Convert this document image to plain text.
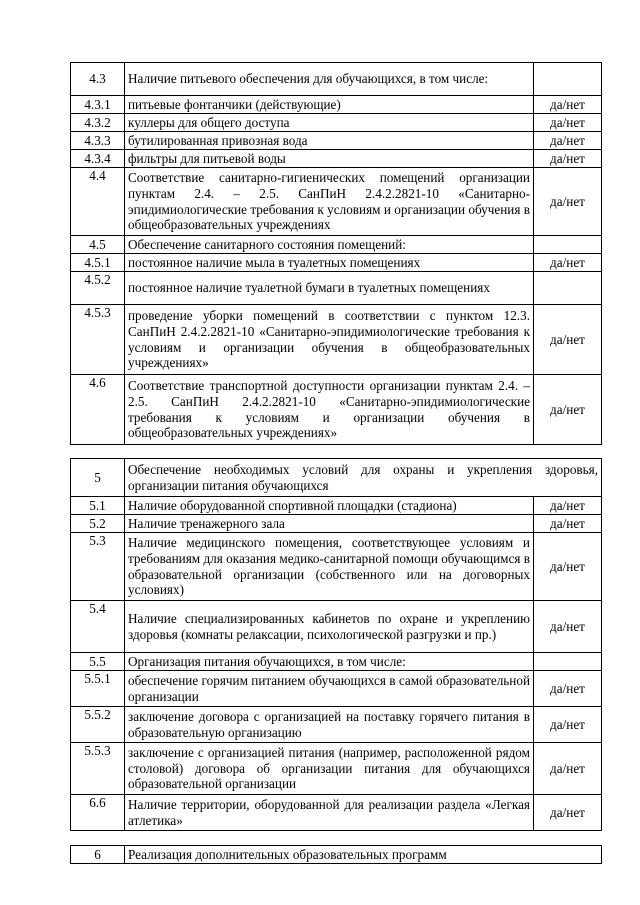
4.3	Наличие питьевого обеспечения для обучающихся, в том числе:	
4.3.1	питьевые фонтанчики (действующие)	да/нет
4.3.2	куллеры для общего доступа	да/нет
4.3.3	бутилированная привозная вода	да/нет
4.3.4	фильтры для питьевой воды	да/нет
4.4	Соответствие санитарно-гигиенических помещений организации пунктам 2.4. – 2.5. СанПиН 2.4.2.2821-10 «Санитарно-эпидимиологические требования к условиям и организации обучения в общеобразовательных учреждениях	да/нет
4.5	Обеспечение санитарного состояния помещений:	
4.5.1	постоянное наличие мыла в туалетных помещениях	да/нет
4.5.2	постоянное наличие туалетной бумаги в туалетных помещениях	
4.5.3	проведение уборки помещений в соответствии с пунктом 12.3. СанПиН 2.4.2.2821-10 «Санитарно-эпидимиологические требования к условиям и организации обучения в общеобразовательных учреждениях»	да/нет
4.6	Соответствие транспортной доступности организации пунктам 2.4. – 2.5. СанПиН 2.4.2.2821-10 «Санитарно-эпидимиологические требования к условиям и организации обучения в общеобразовательных учреждениях»	да/нет
5	Обеспечение необходимых условий для охраны и укрепления здоровья, организации питания обучающихся	
5.1	Наличие оборудованной спортивной площадки (стадиона)	да/нет
5.2	Наличие тренажерного зала	да/нет
5.3	Наличие медицинского помещения, соответствующее условиям и требованиям для оказания медико-санитарной помощи обучающимся в образовательной организации (собственного или на договорных условиях)	да/нет
5.4	Наличие специализированных кабинетов по охране и укреплению здоровья (комнаты релаксации, психологической разгрузки и пр.)	да/нет
5.5	Организация питания обучающихся, в том числе:	
5.5.1	обеспечение горячим питанием обучающихся в самой образовательной организации	да/нет
5.5.2	заключение договора с организацией на поставку горячего питания в образовательную организацию	да/нет
5.5.3	заключение с организацией питания (например, расположенной рядом столовой) договора об организации питания для обучающихся образовательной организации	да/нет
6.6	Наличие территории, оборудованной для реализации раздела «Легкая атлетика»	да/нет
6	Реализация дополнительных образовательных программ
